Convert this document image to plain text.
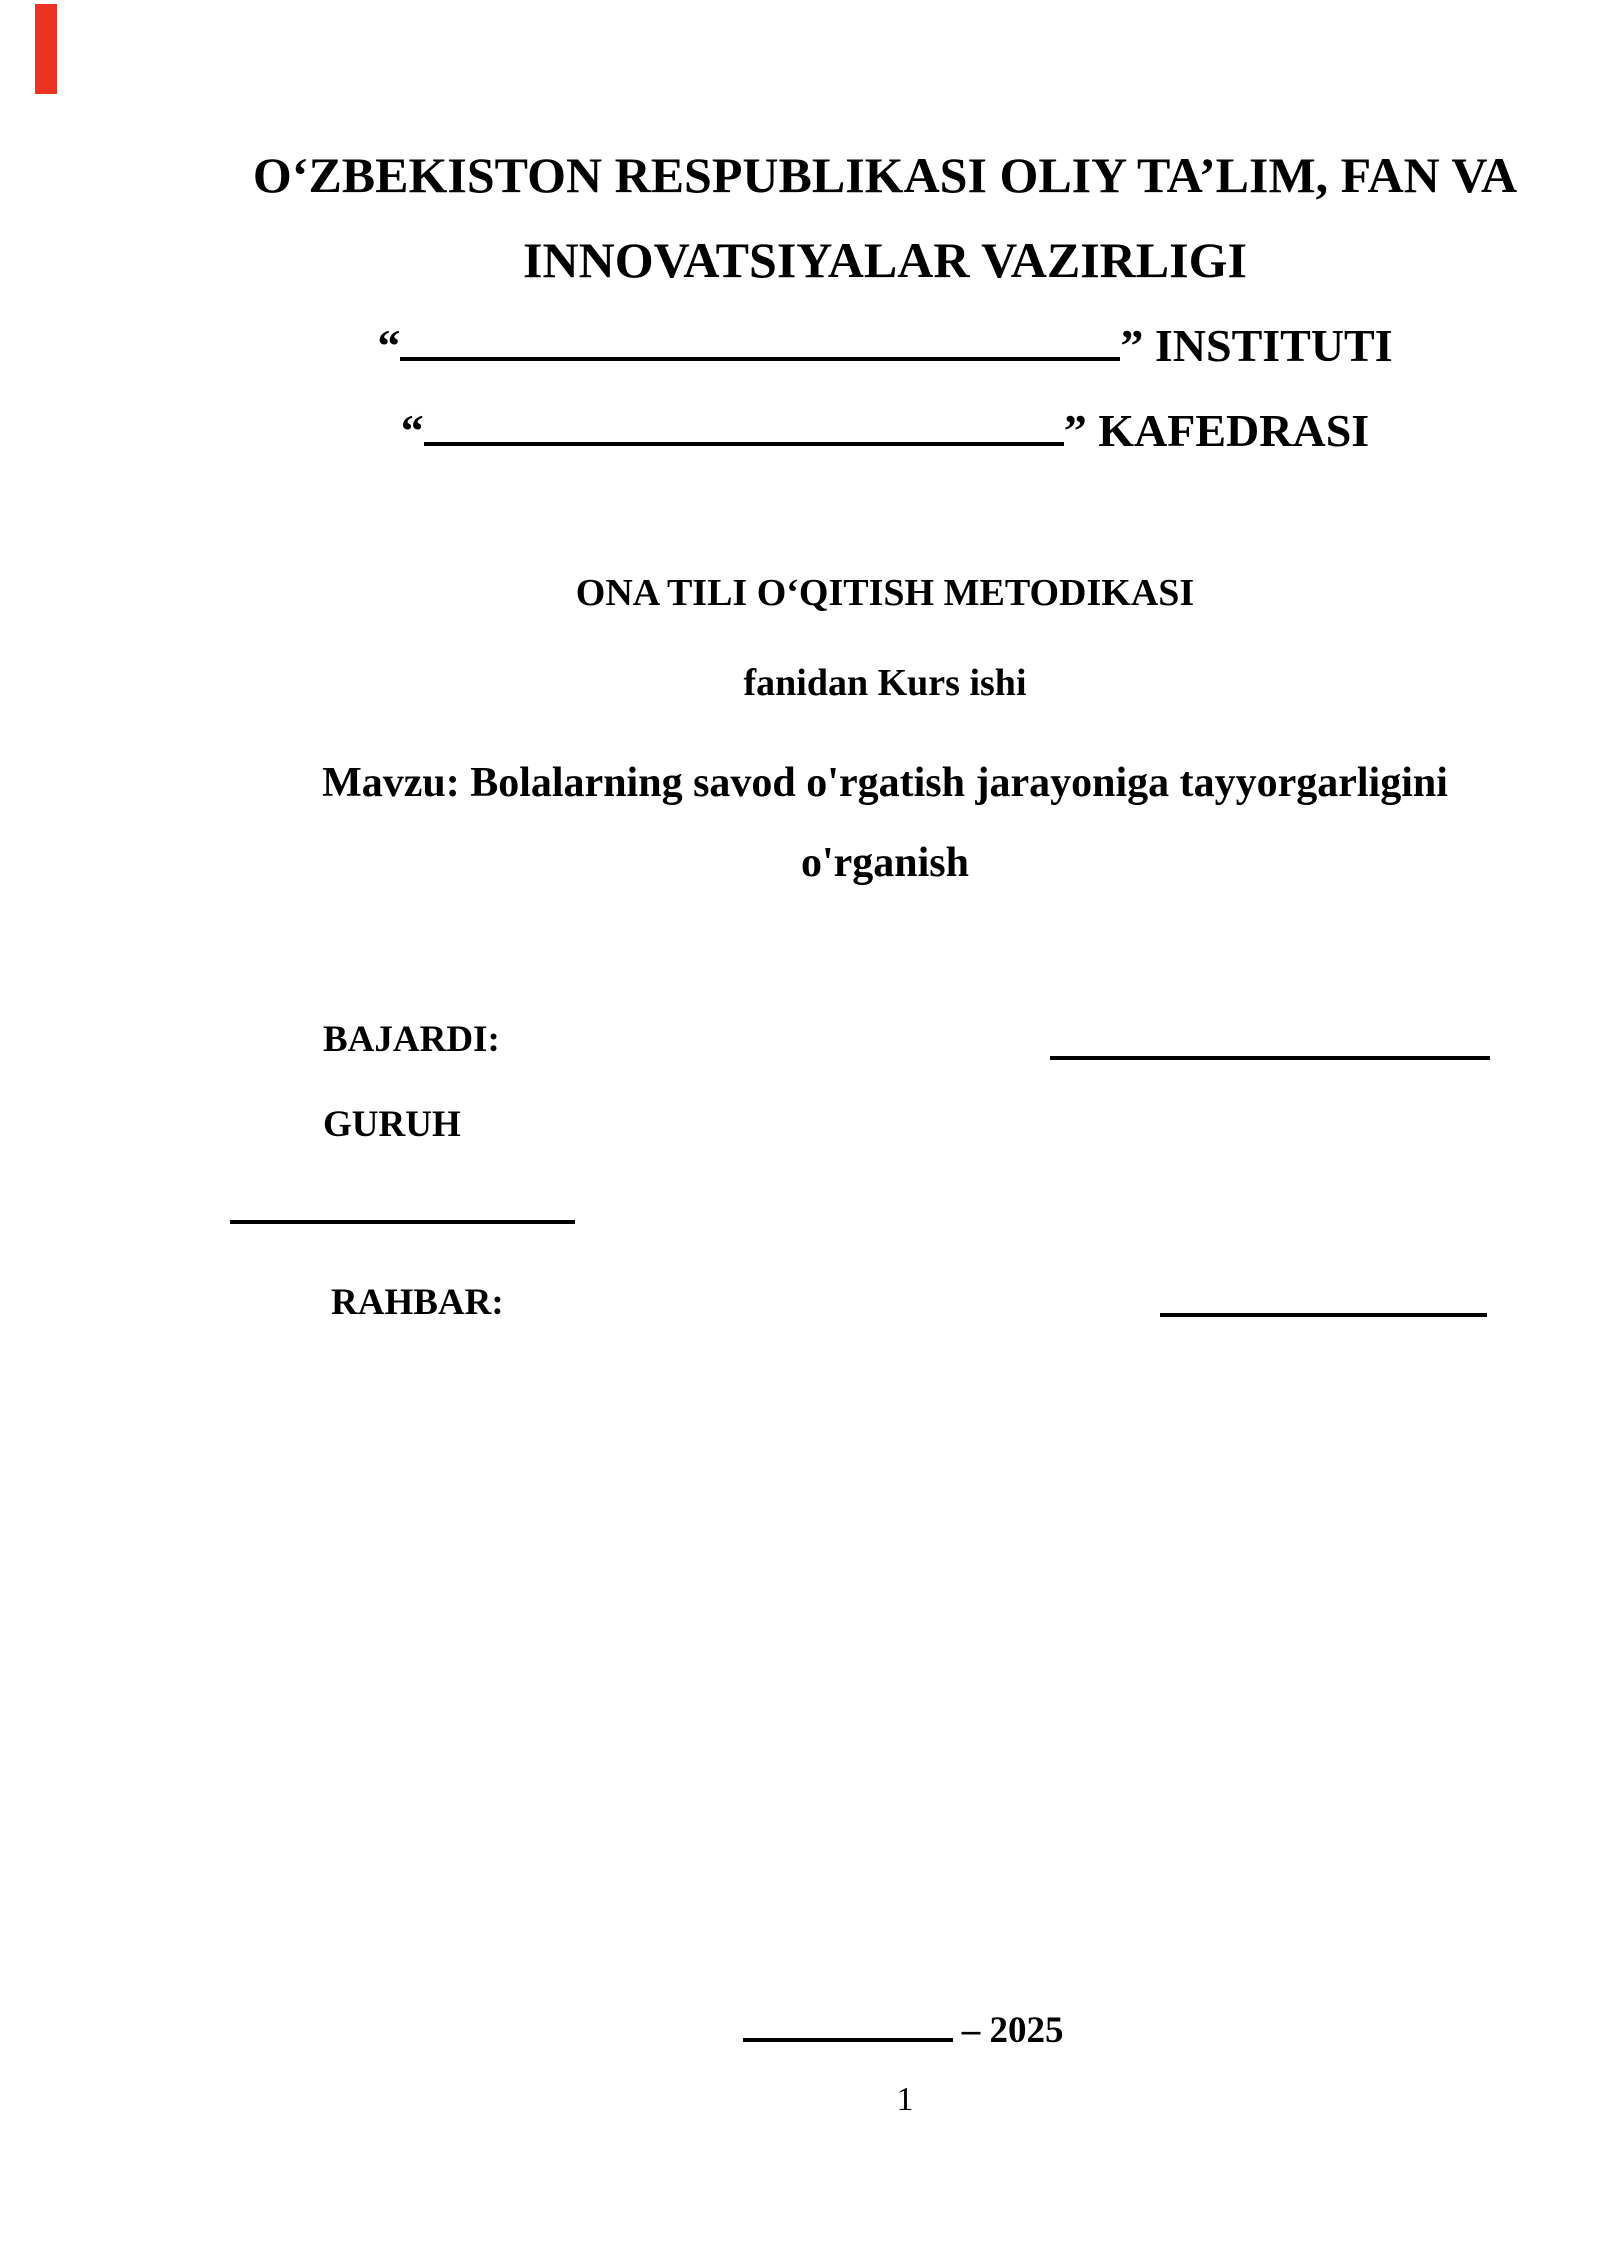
O‘ZBEKISTON RESPUBLIKASI OLIY TA’LIM, FAN VA
INNOVATSIYALAR VAZIRLIGI
“	” INSTITUTI
“	” KAFEDRASI
ONA TILI O‘QITISH METODIKASI
fanidan Kurs ishi
Mavzu: Bolalarning savod o'rgatish jarayoniga tayyorgarligini
o'rganish
BAJARDI:
GURUH
RAHBAR:
– 2025
1
